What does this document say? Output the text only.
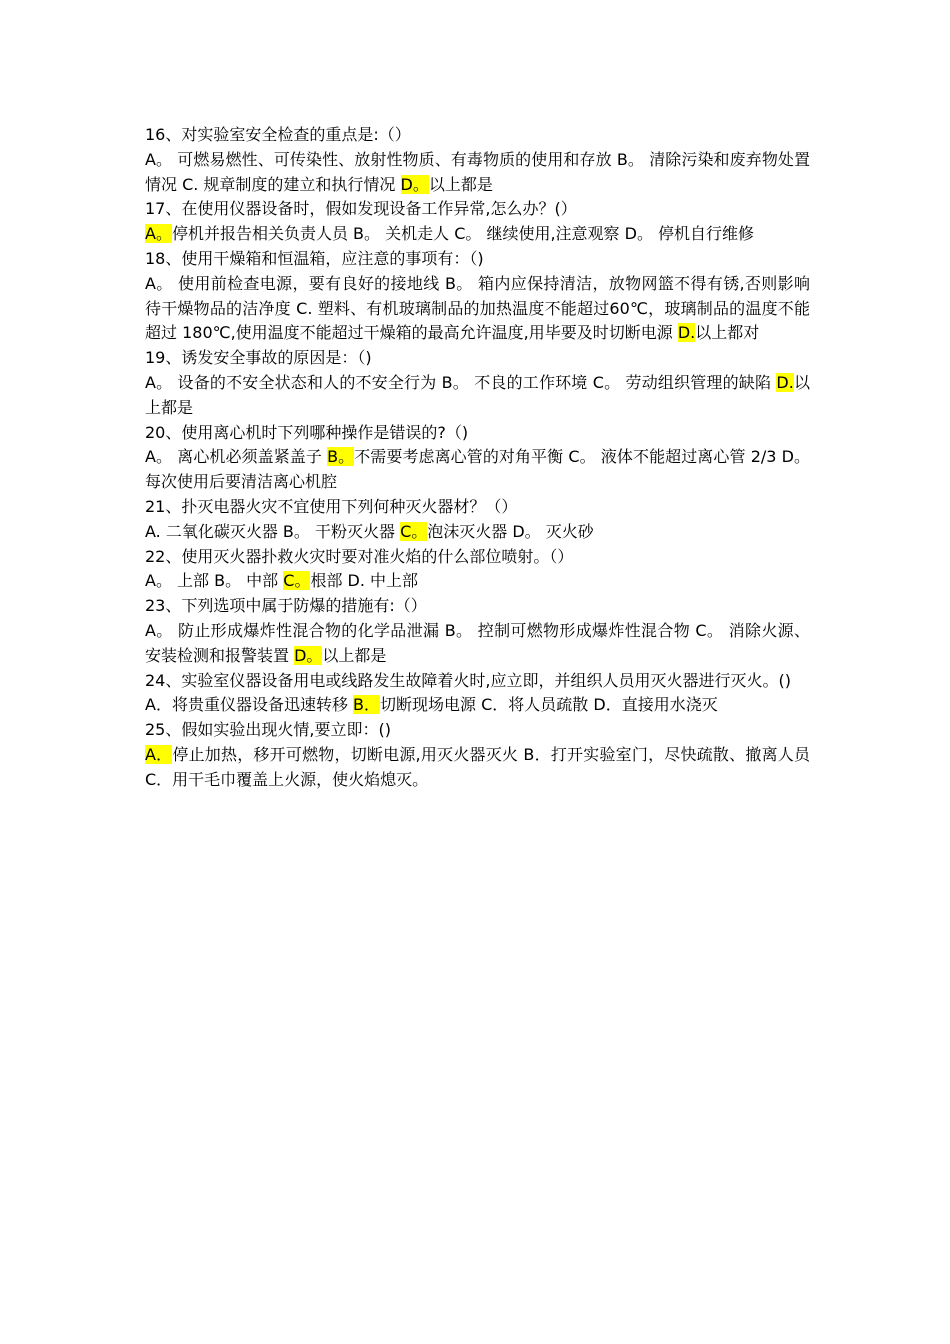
16、对实验室安全检查的重点是:（）

A。 可燃易燃性、可传染性、放射性物质、有毒物质的使用和存放 B。 清除污染和废弃物处置情况 C. 规章制度的建立和执行情况 D。以上都是

17、在使用仪器设备时，假如发现设备工作异常,怎么办？(）

A。停机并报告相关负责人员 B。 关机走人 C。 继续使用,注意观察 D。 停机自行维修

18、使用干燥箱和恒温箱，应注意的事项有：（)

A。 使用前检查电源，要有良好的接地线 B。 箱内应保持清洁，放物网篮不得有锈,否则影响待干燥物品的洁净度 C. 塑料、有机玻璃制品的加热温度不能超过60℃，玻璃制品的温度不能超过 180℃,使用温度不能超过干燥箱的最高允许温度,用毕要及时切断电源 D.以上都对

19、诱发安全事故的原因是：（)

A。 设备的不安全状态和人的不安全行为 B。 不良的工作环境 C。 劳动组织管理的缺陷 D.以上都是

20、使用离心机时下列哪种操作是错误的?（)

A。 离心机必须盖紧盖子 B。不需要考虑离心管的对角平衡 C。 液体不能超过离心管 2/3 D。 每次使用后要清洁离心机腔

21、扑灭电器火灾不宜使用下列何种灭火器材？（）

A. 二氧化碳灭火器 B。 干粉灭火器 C。泡沫灭火器 D。 灭火砂

22、使用灭火器扑救火灾时要对准火焰的什么部位喷射。（）

A。 上部 B。 中部 C。根部 D. 中上部

23、下列选项中属于防爆的措施有:（）

A。 防止形成爆炸性混合物的化学品泄漏 B。 控制可燃物形成爆炸性混合物 C。 消除火源、安装检测和报警装置 D。以上都是

24、实验室仪器设备用电或线路发生故障着火时,应立即，并组织人员用灭火器进行灭火。()

A．将贵重仪器设备迅速转移 B．切断现场电源 C．将人员疏散 D．直接用水浇灭

25、假如实验出现火情,要立即：()

A．停止加热，移开可燃物，切断电源,用灭火器灭火 B．打开实验室门，尽快疏散、撤离人员 C．用干毛巾覆盖上火源，使火焰熄灭。
